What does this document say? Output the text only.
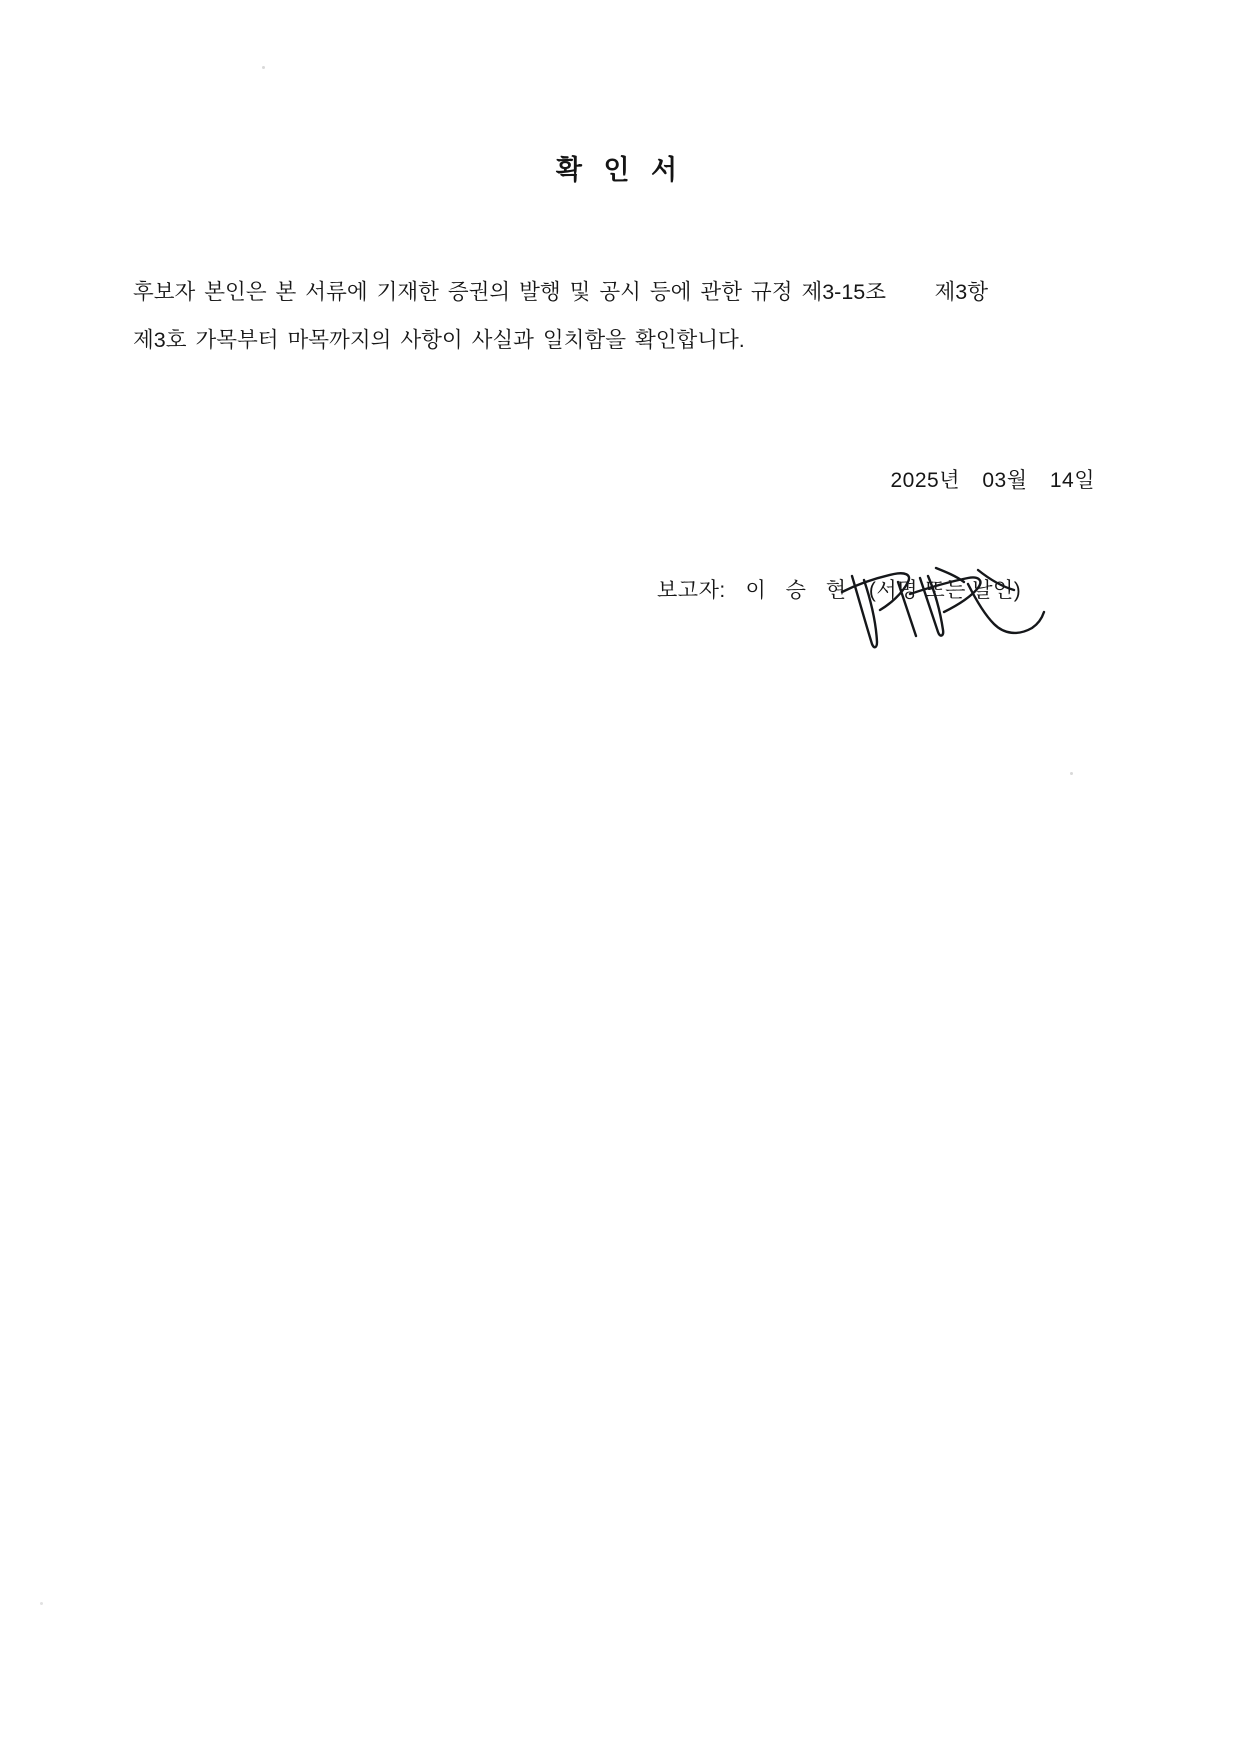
확 인 서
후보자 본인은 본 서류에 기재한 증권의 발행 및 공시 등에 관한 규정 제3-15조 제3항
제3호 가목부터 마목까지의 사항이 사실과 일치함을 확인합니다.
2025년 03월 14일
보고자: 이 승 현 (서명 또는 날인)
